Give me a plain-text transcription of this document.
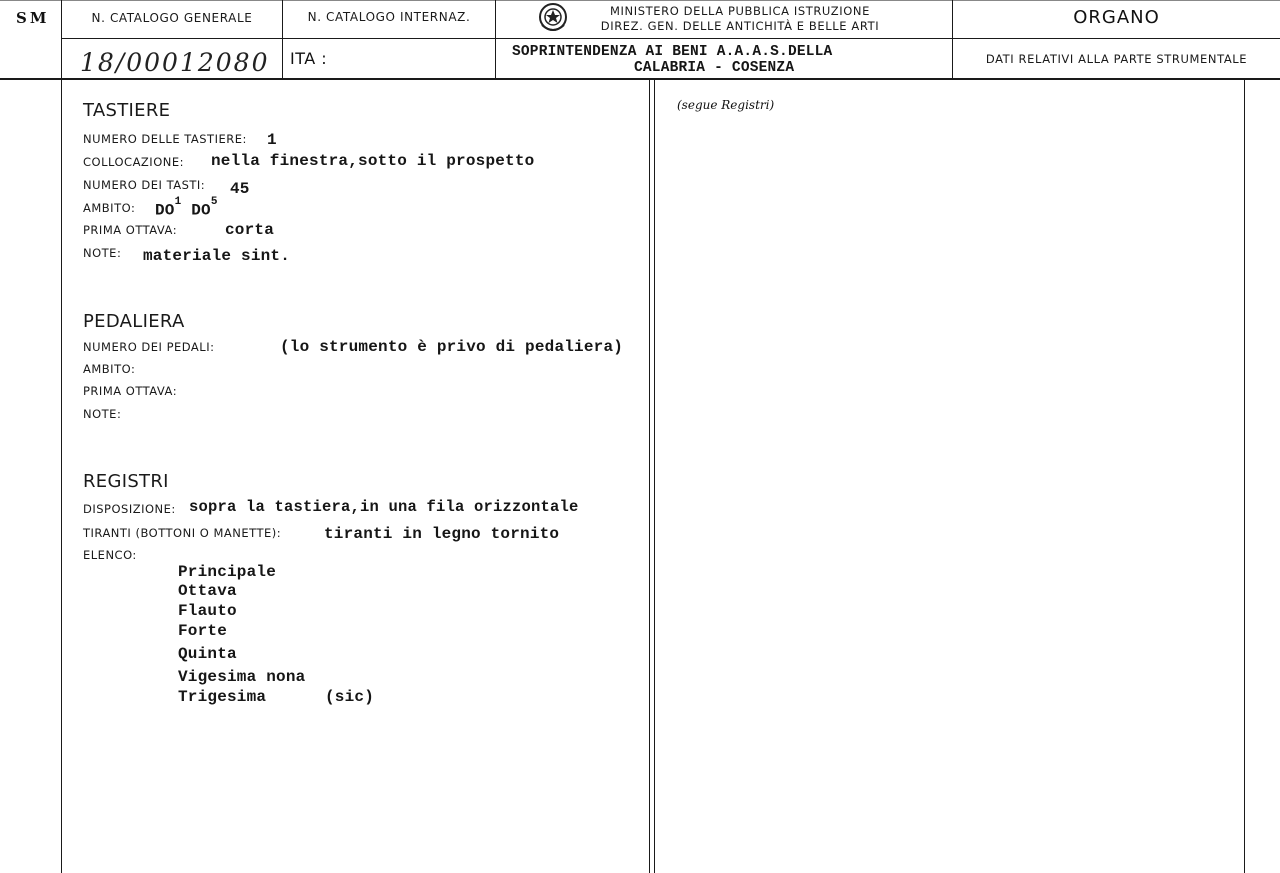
SM	N. CATALOGO GENERALE
18/00012080
N. CATALOGO INTERNAZ.
ITA :
MINISTERO DELLA PUBBLICA ISTRUZIONE
DIREZ. GEN. DELLE ANTICHITÀ E BELLE ARTI
SOPRINTENDENZA AI BENI A.A.A.S.DELLA
CALABRIA - COSENZA
ORGANO
DATI RELATIVI ALLA PARTE STRUMENTALE
TASTIERE
NUMERO DELLE TASTIERE: 1
COLLOCAZIONE: nella finestra,sotto il prospetto
NUMERO DEI TASTI: 45
AMBITO: $DO^1$ $DO^5$
PRIMA OTTAVA:	corta
NOTE: materiale sint.
PEDALIERA
NUMERO DEI PEDALI:	(lo strumento è privo di pedaliera)
AMBITO:
PRIMA OTTAVA:
NOTE:
REGISTRI
DISPOSIZIONE: sopra la tastiera,in una fila orizzontale
TIRANTI (BOTTONI O MANETTE):	tiranti in legno tornito
ELENCO:
Principale
Ottava
Flauto
Forte
Quinta
Vigesima nona
Trigesima	(sic)
(segue Registri)
